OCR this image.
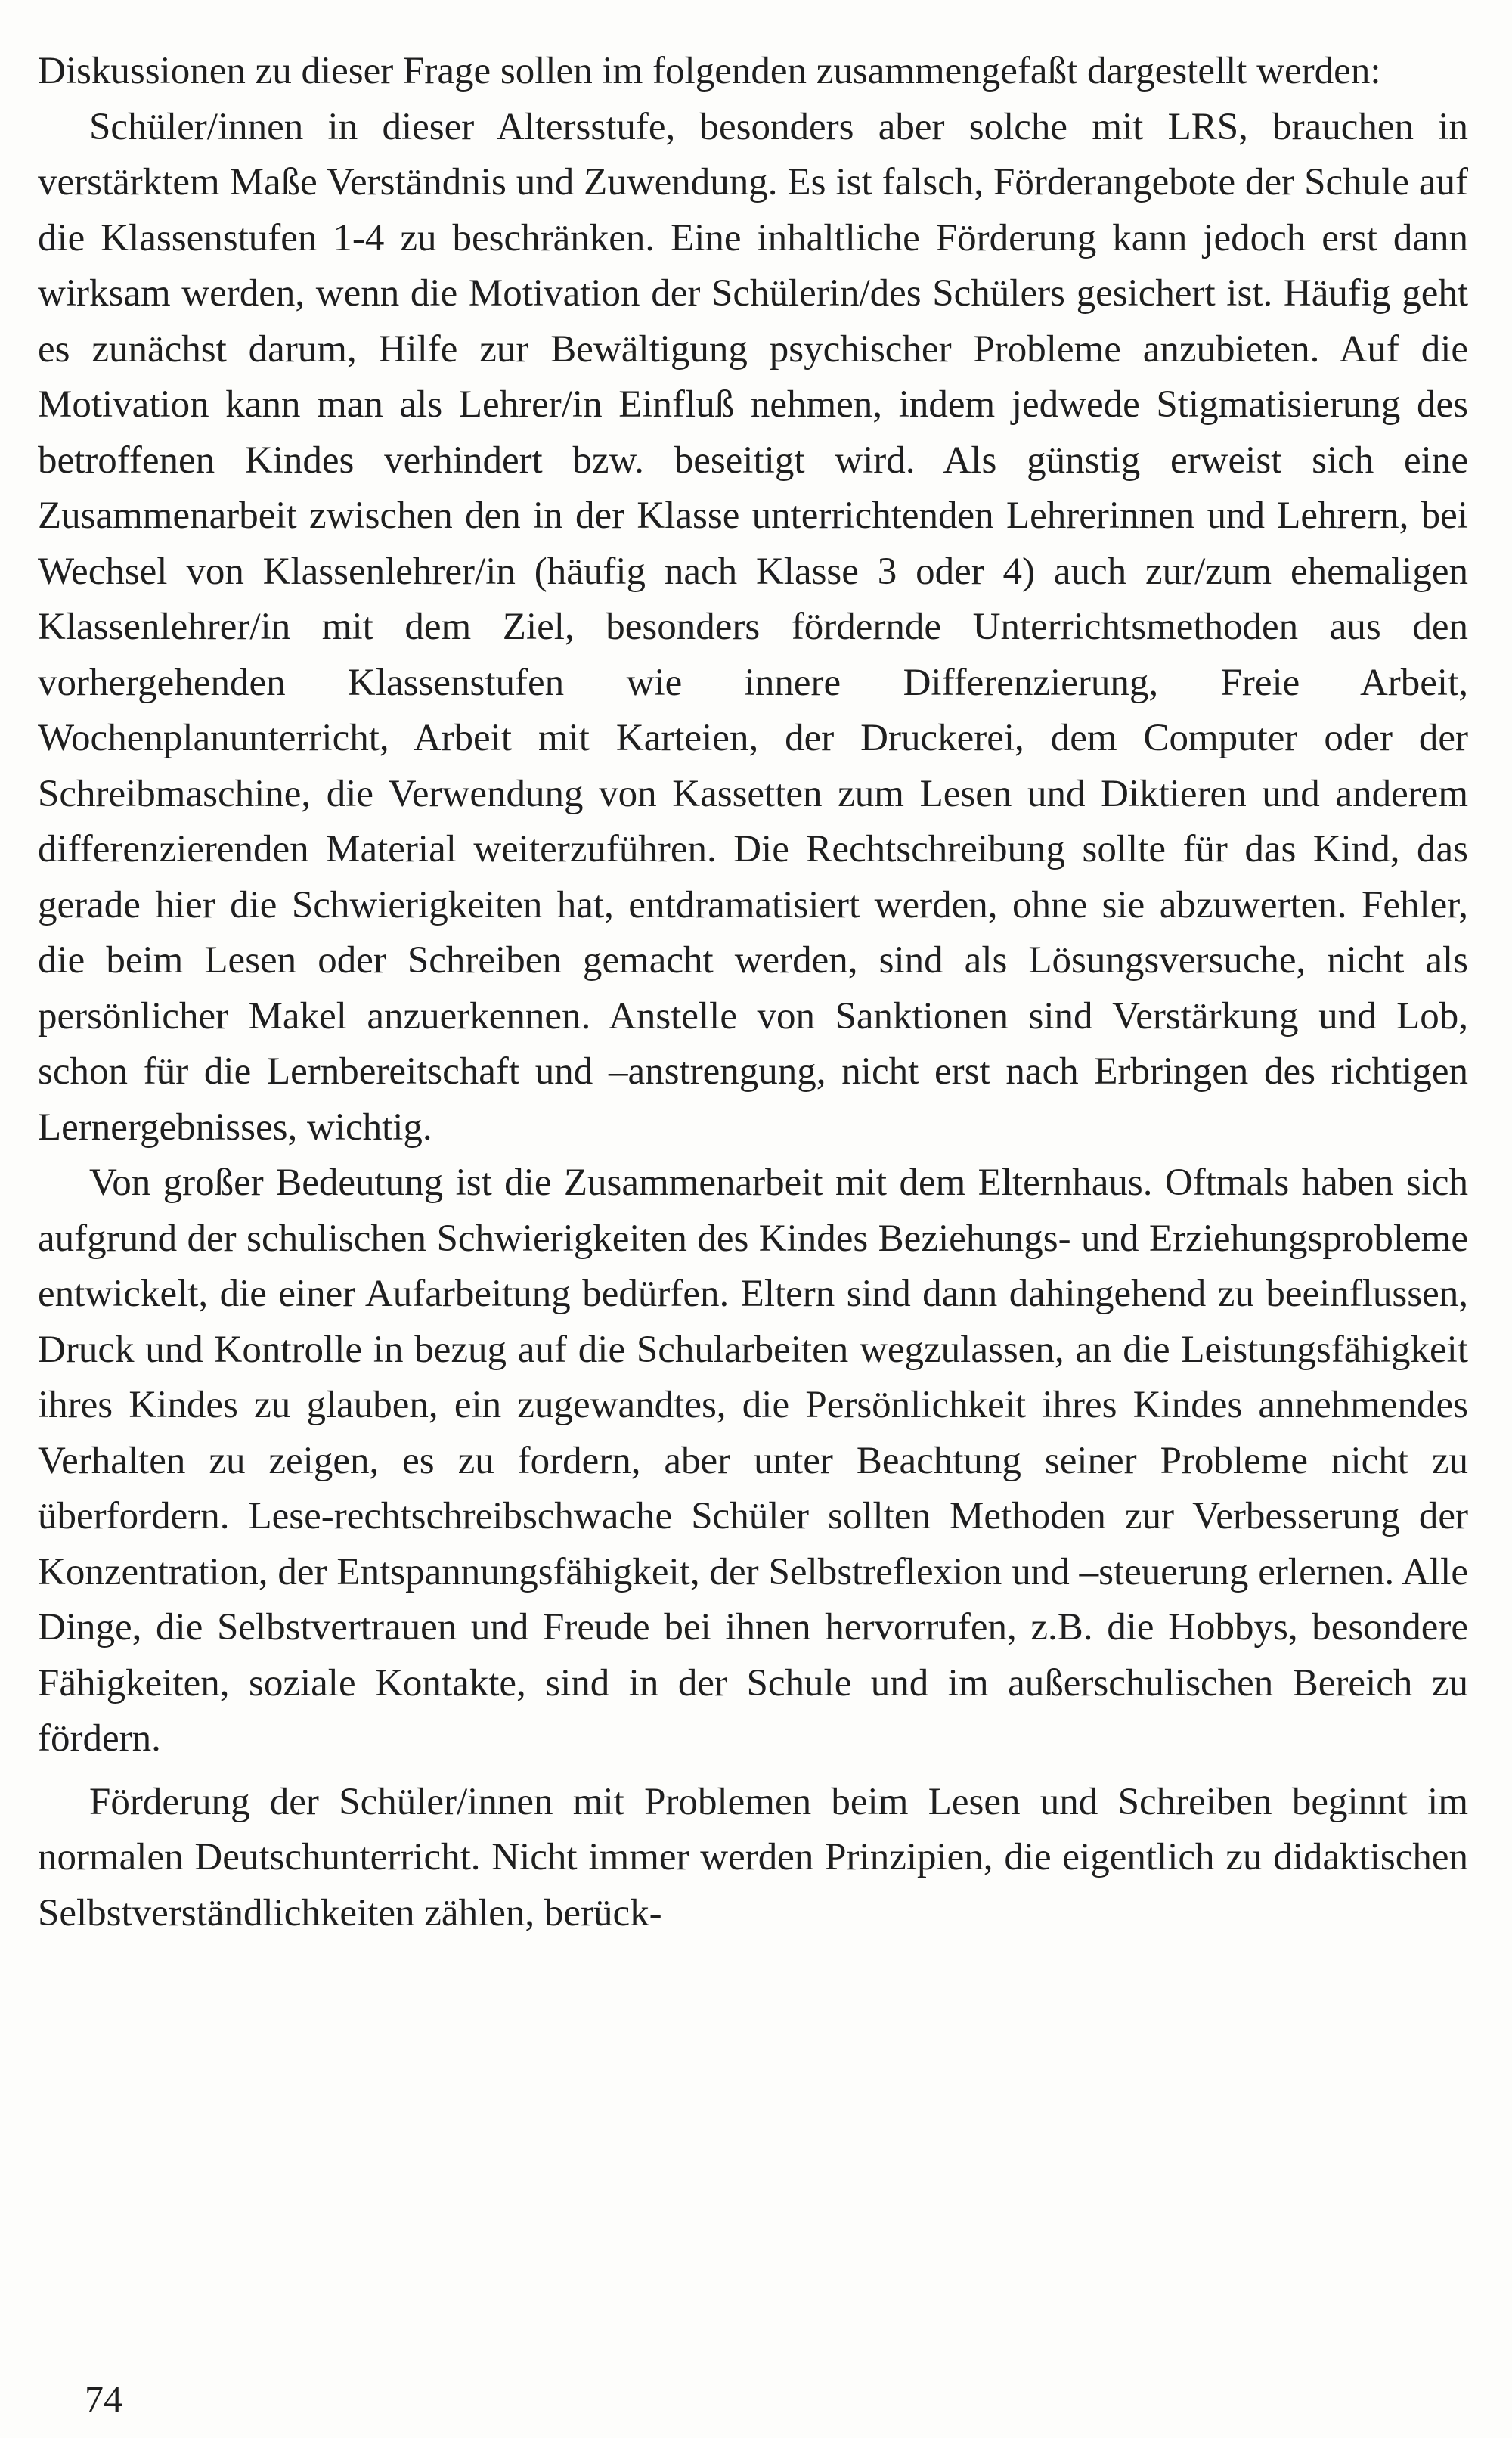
Diskussionen zu dieser Frage sollen im folgenden zusammengefaßt dargestellt werden:

Schüler/innen in dieser Altersstufe, besonders aber solche mit LRS, brauchen in verstärktem Maße Verständnis und Zuwendung. Es ist falsch, Förderangebote der Schule auf die Klassenstufen 1-4 zu beschränken. Eine inhaltliche Förderung kann jedoch erst dann wirksam werden, wenn die Motivation der Schülerin/des Schülers gesichert ist. Häufig geht es zunächst darum, Hilfe zur Bewältigung psychischer Probleme anzubieten. Auf die Motivation kann man als Lehrer/in Einfluß nehmen, indem jedwede Stigmatisierung des betroffenen Kindes verhindert bzw. beseitigt wird. Als günstig erweist sich eine Zusammenarbeit zwischen den in der Klasse unterrichtenden Lehrerinnen und Lehrern, bei Wechsel von Klassenlehrer/in (häufig nach Klasse 3 oder 4) auch zur/zum ehemaligen Klassenlehrer/in mit dem Ziel, besonders fördernde Unterrichtsmethoden aus den vorhergehenden Klassenstufen wie innere Differenzierung, Freie Arbeit, Wochenplanunterricht, Arbeit mit Karteien, der Druckerei, dem Computer oder der Schreibmaschine, die Verwendung von Kassetten zum Lesen und Diktieren und anderem differenzierenden Material weiterzuführen. Die Rechtschreibung sollte für das Kind, das gerade hier die Schwierigkeiten hat, entdramatisiert werden, ohne sie abzuwerten. Fehler, die beim Lesen oder Schreiben gemacht werden, sind als Lösungsversuche, nicht als persönlicher Makel anzuerkennen. Anstelle von Sanktionen sind Verstärkung und Lob, schon für die Lernbereitschaft und –anstrengung, nicht erst nach Erbringen des richtigen Lernergebnisses, wichtig.

Von großer Bedeutung ist die Zusammenarbeit mit dem Elternhaus. Oftmals haben sich aufgrund der schulischen Schwierigkeiten des Kindes Beziehungs- und Erziehungsprobleme entwickelt, die einer Aufarbeitung bedürfen. Eltern sind dann dahingehend zu beeinflussen, Druck und Kontrolle in bezug auf die Schularbeiten wegzulassen, an die Leistungsfähigkeit ihres Kindes zu glauben, ein zugewandtes, die Persönlichkeit ihres Kindes annehmendes Verhalten zu zeigen, es zu fordern, aber unter Beachtung seiner Probleme nicht zu überfordern. Lese-rechtschreibschwache Schüler sollten Methoden zur Verbesserung der Konzentration, der Entspannungsfähigkeit, der Selbstreflexion und –steuerung erlernen. Alle Dinge, die Selbstvertrauen und Freude bei ihnen hervorrufen, z.B. die Hobbys, besondere Fähigkeiten, soziale Kontakte, sind in der Schule und im außerschulischen Bereich zu fördern.

Förderung der Schüler/innen mit Problemen beim Lesen und Schreiben beginnt im normalen Deutschunterricht. Nicht immer werden Prinzipien, die eigentlich zu didaktischen Selbstverständlichkeiten zählen, berück-

74
